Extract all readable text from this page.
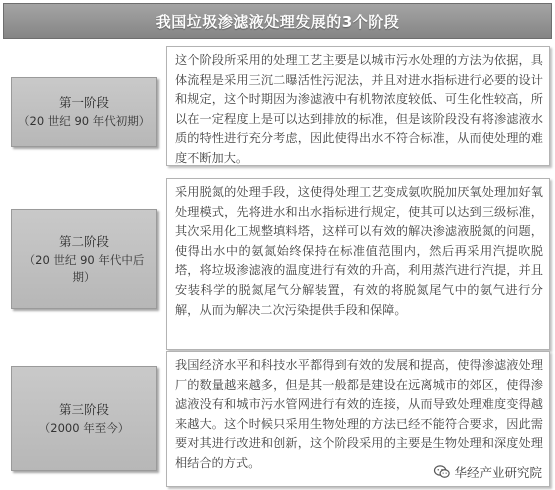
我国垃圾渗滤液处理发展的3个阶段
第一阶段
（20 世纪 90 年代初期）
这个阶段所采用的处理工艺主要是以城市污水处理的方法为依据，具体流程是采用三沉二曝活性污泥法，并且对进水指标进行必要的设计和规定，这个时期因为渗滤液中有机物浓度较低、可生化性较高，所以在一定程度上是可以达到排放的标准，但是该阶段没有将渗滤液水质的特性进行充分考虑，因此使得出水不符合标准，从而使处理的难度不断加大。
第二阶段
（20 世纪 90 年代中后期）
采用脱氮的处理手段，这使得处理工艺变成氨吹脱加厌氧处理加好氧处理模式，先将进水和出水指标进行规定，使其可以达到三级标准，其次采用化工规整填料塔，这样可以有效的解决渗滤液脱氮的问题，使得出水中的氨氮始终保持在标准值范围内，然后再采用汽提吹脱塔，将垃圾渗滤液的温度进行有效的升高，利用蒸汽进行汽提，并且安装科学的脱氮尾气分解装置，有效的将脱氮尾气中的氨气进行分解，从而为解决二次污染提供手段和保障。
第三阶段
（2000 年至今）
我国经济水平和科技水平都得到有效的发展和提高，使得渗滤液处理厂的数量越来越多，但是其一般都是建设在远离城市的郊区，使得渗滤液没有和城市污水管网进行有效的连接，从而导致处理难度变得越来越大。这个时候只采用生物处理的方法已经不能符合要求，因此需要对其进行改进和创新，这个阶段采用的主要是生物处理和深度处理相结合的方式。
华经产业研究院
